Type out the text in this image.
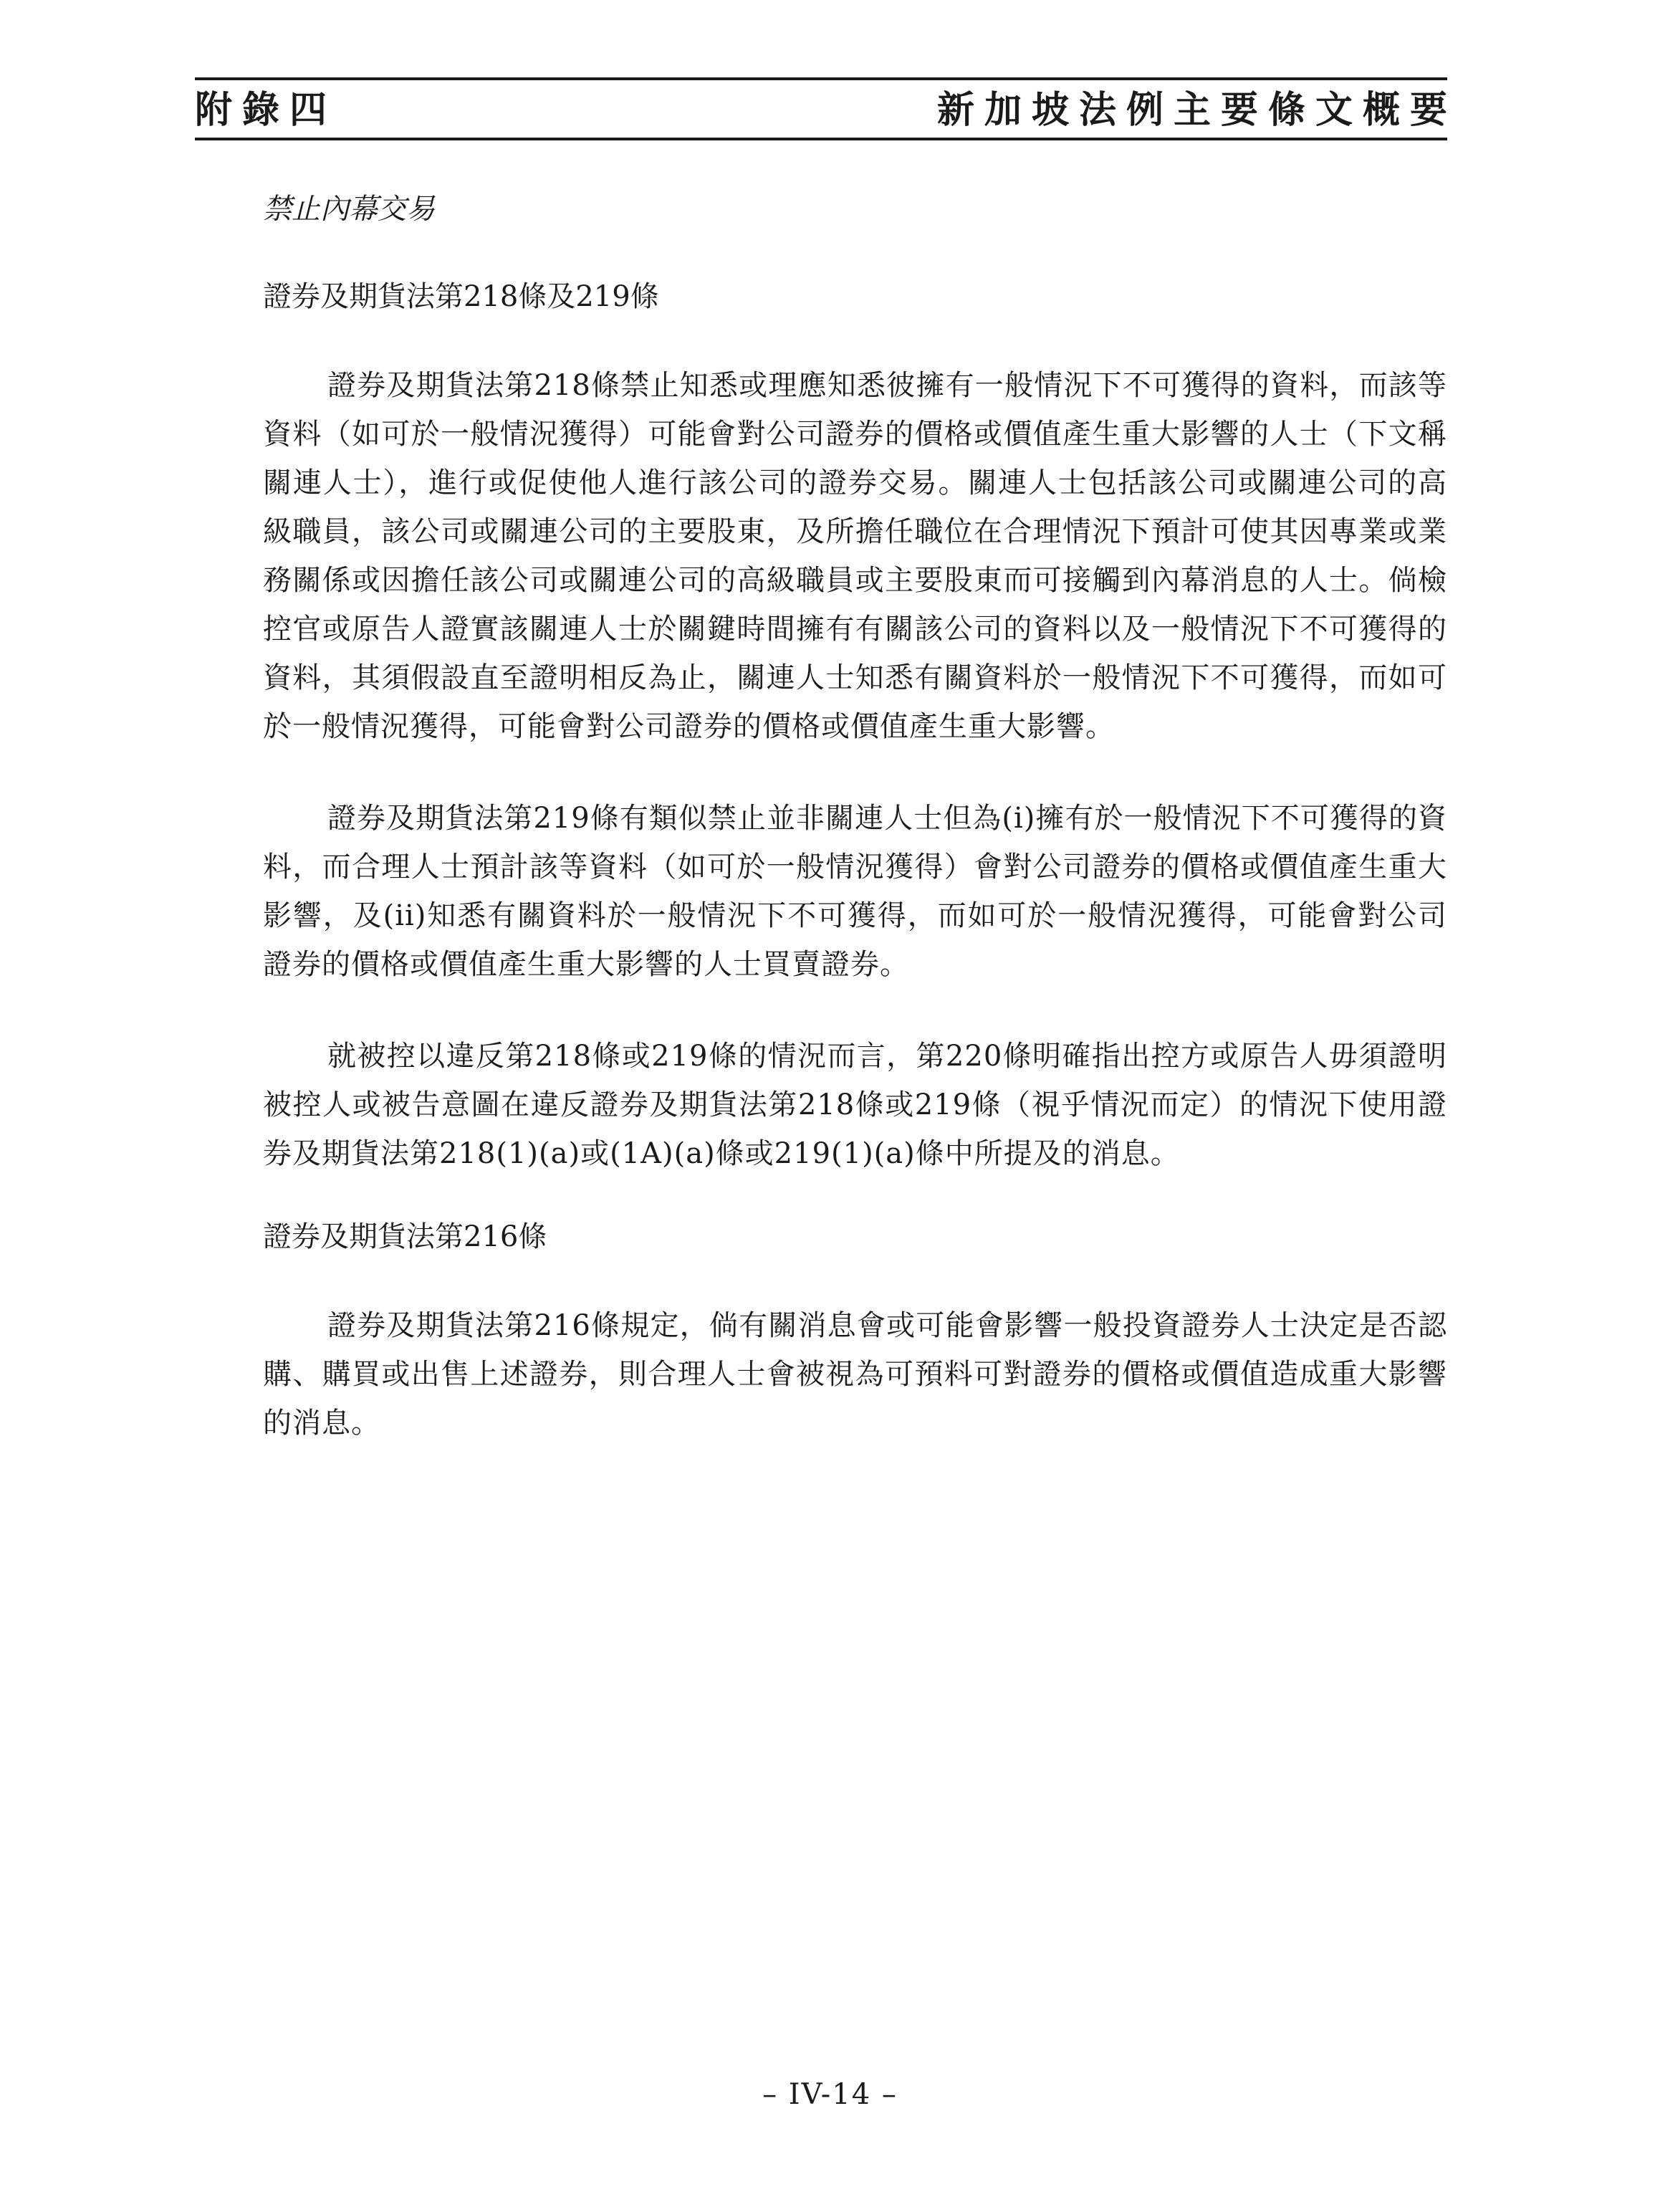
附錄四	新加坡法例主要條文概要

禁止內幕交易

證券及期貨法第218條及219條

證券及期貨法第218條禁止知悉或理應知悉彼擁有一般情況下不可獲得的資料，而該等資料（如可於一般情況獲得）可能會對公司證券的價格或價值產生重大影響的人士（下文稱關連人士），進行或促使他人進行該公司的證券交易。關連人士包括該公司或關連公司的高級職員，該公司或關連公司的主要股東，及所擔任職位在合理情況下預計可使其因專業或業務關係或因擔任該公司或關連公司的高級職員或主要股東而可接觸到內幕消息的人士。倘檢控官或原告人證實該關連人士於關鍵時間擁有有關該公司的資料以及一般情況下不可獲得的資料，其須假設直至證明相反為止，關連人士知悉有關資料於一般情況下不可獲得，而如可於一般情況獲得，可能會對公司證券的價格或價值產生重大影響。

證券及期貨法第219條有類似禁止並非關連人士但為(i)擁有於一般情況下不可獲得的資料，而合理人士預計該等資料（如可於一般情況獲得）會對公司證券的價格或價值產生重大影響，及(ii)知悉有關資料於一般情況下不可獲得，而如可於一般情況獲得，可能會對公司證券的價格或價值產生重大影響的人士買賣證券。

就被控以違反第218條或219條的情況而言，第220條明確指出控方或原告人毋須證明被控人或被告意圖在違反證券及期貨法第218條或219條（視乎情況而定）的情況下使用證券及期貨法第218(1)(a)或(1A)(a)條或219(1)(a)條中所提及的消息。

證券及期貨法第216條

證券及期貨法第216條規定，倘有關消息會或可能會影響一般投資證券人士決定是否認購、購買或出售上述證券，則合理人士會被視為可預料可對證券的價格或價值造成重大影響的消息。

– IV-14 –
